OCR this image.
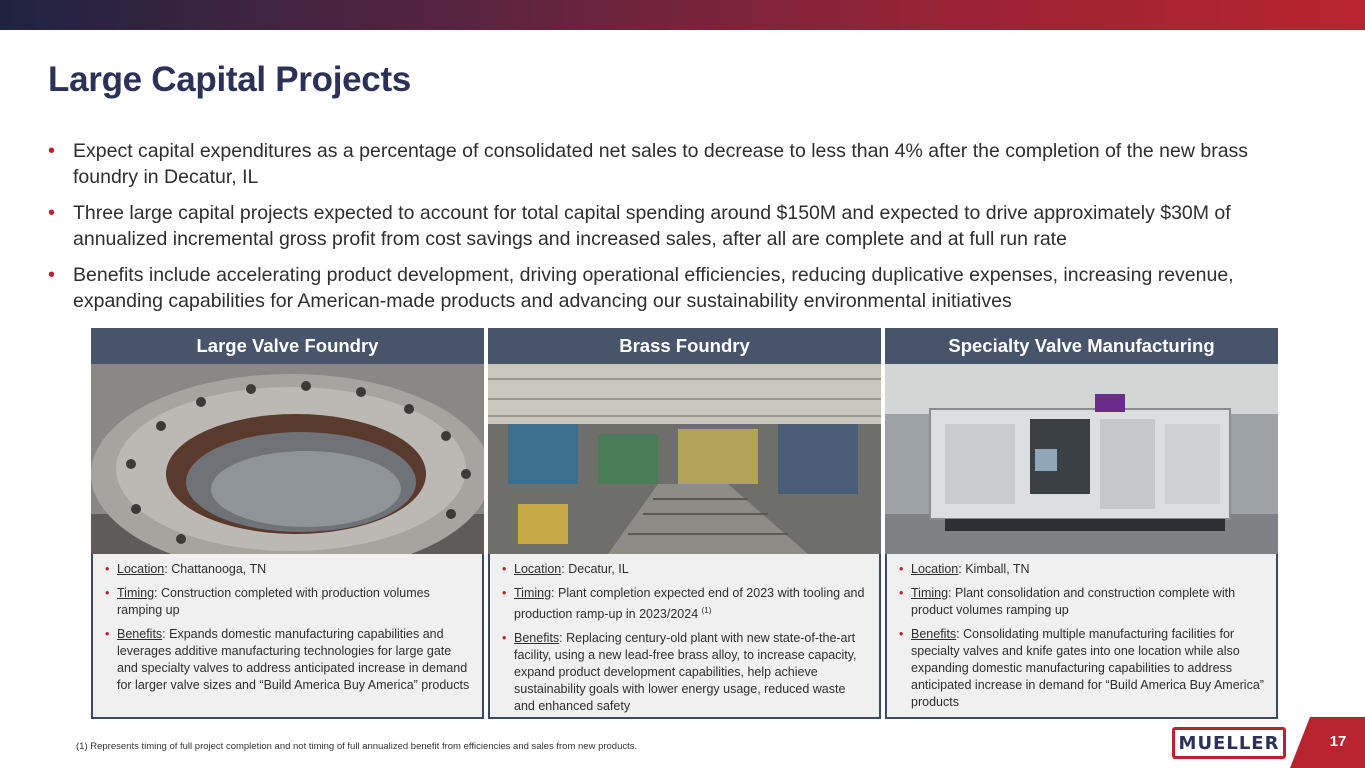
Large Capital Projects
• Expect capital expenditures as a percentage of consolidated net sales to decrease to less than 4% after the completion of the new brass foundry in Decatur, IL
• Three large capital projects expected to account for total capital spending around $150M and expected to drive approximately $30M of annualized incremental gross profit from cost savings and increased sales, after all are complete and at full run rate
• Benefits include accelerating product development, driving operational efficiencies, reducing duplicative expenses, increasing revenue, expanding capabilities for American-made products and advancing our sustainability environmental initiatives
Large Valve Foundry
• Location: Chattanooga, TN
• Timing: Construction completed with production volumes ramping up
• Benefits: Expands domestic manufacturing capabilities and leverages additive manufacturing technologies for large gate and specialty valves to address anticipated increase in demand for larger valve sizes and “Build America Buy America” products
Brass Foundry
• Location: Decatur, IL
• Timing: Plant completion expected end of 2023 with tooling and production ramp-up in 2023/2024 $^{(1)}$
• Benefits: Replacing century-old plant with new state-of-the-art facility, using a new lead-free brass alloy, to increase capacity, expand product development capabilities, help achieve sustainability goals with lower energy usage, reduced waste and enhanced safety
Specialty Valve Manufacturing
• Location: Kimball, TN
• Timing: Plant consolidation and construction complete with product volumes ramping up
• Benefits: Consolidating multiple manufacturing facilities for specialty valves and knife gates into one location while also expanding domestic manufacturing capabilities to address anticipated increase in demand for “Build America Buy America” products
(1) Represents timing of full project completion and not timing of full annualized benefit from efficiencies and sales from new products.	MUELLER	17
